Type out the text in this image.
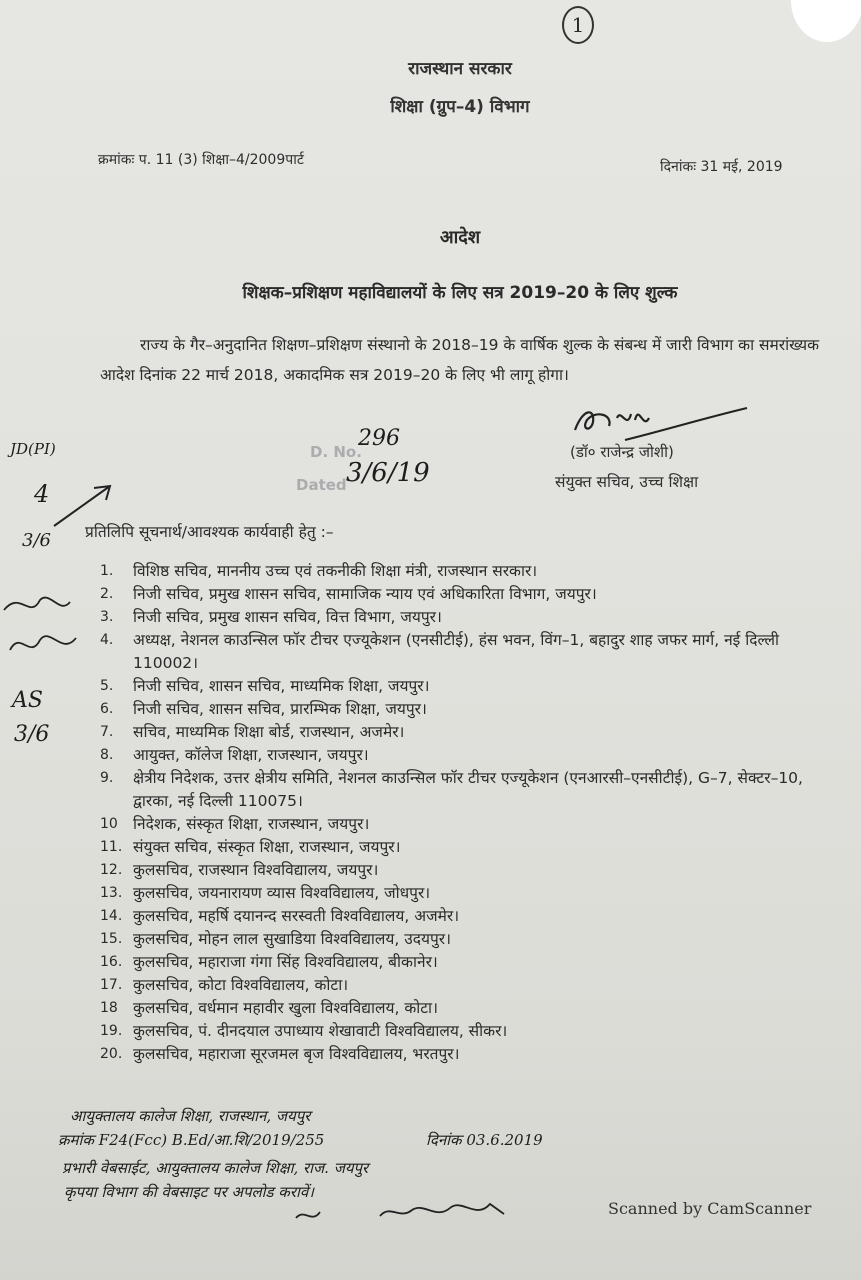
1
राजस्थान सरकार
शिक्षा (ग्रुप–4) विभाग
क्रमांकः प. 11 (3) शिक्षा–4/2009पार्ट	दिनांकः 31 मई, 2019
आदेश
शिक्षक–प्रशिक्षण महाविद्यालयों के लिए सत्र 2019–20 के लिए शुल्क
राज्य के गैर–अनुदानित शिक्षण–प्रशिक्षण संस्थानो के 2018–19 के वार्षिक शुल्क के संबन्ध में जारी विभाग का समरांख्यक आदेश दिनांक 22 मार्च 2018, अकादमिक सत्र 2019–20 के लिए भी लागू होगा।
(डॉ० राजेन्द्र जोशी)
संयुक्त सचिव, उच्च शिक्षा
D. No.
296
Dated 3/6/19
JD(PI)
4
3/6
AS
3/6
प्रतिलिपि सूचनार्थ/आवश्यक कार्यवाही हेतु :–
1.	विशिष्ठ सचिव, माननीय उच्च एवं तकनीकी शिक्षा मंत्री, राजस्थान सरकार।
2.	निजी सचिव, प्रमुख शासन सचिव, सामाजिक न्याय एवं अधिकारिता विभाग, जयपुर।
3.	निजी सचिव, प्रमुख शासन सचिव, वित्त विभाग, जयपुर।
4.	अध्यक्ष, नेशनल काउन्सिल फॉर टीचर एज्यूकेशन (एनसीटीई), हंस भवन, विंग–1, बहादुर शाह जफर मार्ग, नई दिल्ली 110002।
5.	निजी सचिव, शासन सचिव, माध्यमिक शिक्षा, जयपुर।
6.	निजी सचिव, शासन सचिव, प्रारम्भिक शिक्षा, जयपुर।
7.	सचिव, माध्यमिक शिक्षा बोर्ड, राजस्थान, अजमेर।
8.	आयुक्त, कॉलेज शिक्षा, राजस्थान, जयपुर।
9.	क्षेत्रीय निदेशक, उत्तर क्षेत्रीय समिति, नेशनल काउन्सिल फॉर टीचर एज्यूकेशन (एनआरसी–एनसीटीई), G–7, सेक्टर–10, द्वारका, नई दिल्ली 110075।
10 निदेशक, संस्कृत शिक्षा, राजस्थान, जयपुर।
11. संयुक्त सचिव, संस्कृत शिक्षा, राजस्थान, जयपुर।
12. कुलसचिव, राजस्थान विश्वविद्यालय, जयपुर।
13. कुलसचिव, जयनारायण व्यास विश्वविद्यालय, जोधपुर।
14. कुलसचिव, महर्षि दयानन्द सरस्वती विश्वविद्यालय, अजमेर।
15. कुलसचिव, मोहन लाल सुखाडिया विश्वविद्यालय, उदयपुर।
16. कुलसचिव, महाराजा गंगा सिंह विश्वविद्यालय, बीकानेर।
17. कुलसचिव, कोटा विश्वविद्यालय, कोटा।
18 कुलसचिव, वर्धमान महावीर खुला विश्वविद्यालय, कोटा।
19. कुलसचिव, पं. दीनदयाल उपाध्याय शेखावाटी विश्वविद्यालय, सीकर।
20. कुलसचिव, महाराजा सूरजमल बृज विश्वविद्यालय, भरतपुर।
आयुक्तालय कालेज शिक्षा, राजस्थान, जयपुर
क्रमांक F24(Fcc) B.Ed/आ.शि/2019/255	दिनांक 03.6.2019
प्रभारी वेबसाईट, आयुक्तालय कालेज शिक्षा, राज. जयपुर
कृपया विभाग की वेबसाइट पर अपलोड करावें।
Scanned by CamScanner
